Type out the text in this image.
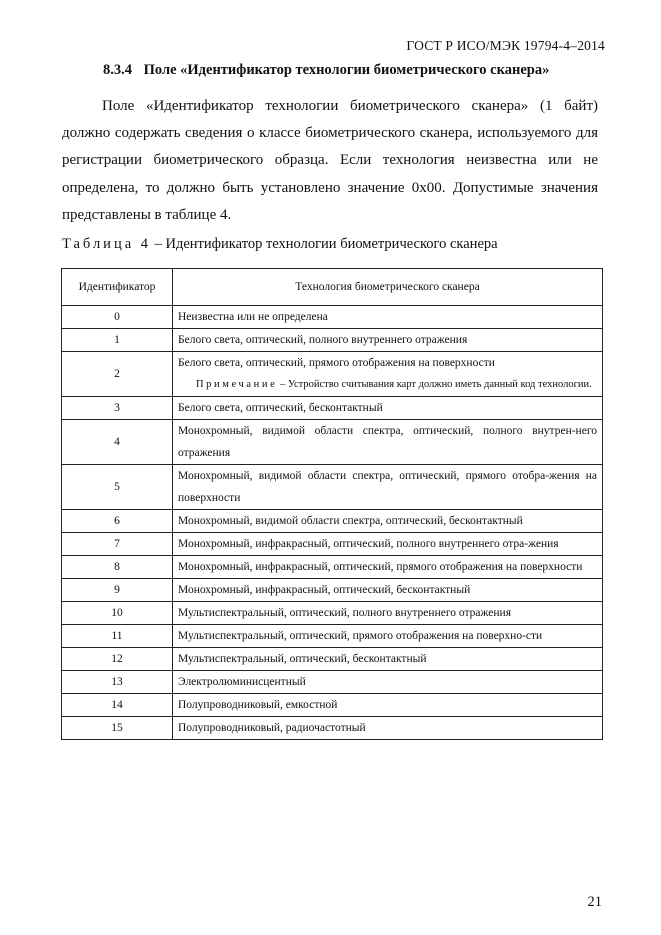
ГОСТ Р ИСО/МЭК 19794-4–2014
8.3.4 Поле «Идентификатор технологии биометрического сканера»
Поле «Идентификатор технологии биометрического сканера» (1 байт) должно содержать сведения о классе биометрического сканера, используемого для регистрации биометрического образца. Если технология неизвестна или не определена, то должно быть установлено значение 0x00. Допустимые значения представлены в таблице 4.
Таблица 4 – Идентификатор технологии биометрического сканера
Идентификатор	Технология биометрического сканера
0	Неизвестна или не определена
1	Белого света, оптический, полного внутреннего отражения
2	Белого света, оптический, прямого отображения на поверхности
Примечание – Устройство считывания карт должно иметь данный код технологии.

3	Белого света, оптический, бесконтактный
4	Монохромный, видимой области спектра, оптический, полного внутрен-него отражения
5	Монохромный, видимой области спектра, оптический, прямого отобра-жения на поверхности
6	Монохромный, видимой области спектра, оптический, бесконтактный
7	Монохромный, инфракрасный, оптический, полного внутреннего отра-жения
8	Монохромный, инфракрасный, оптический, прямого отображения на поверхности
9	Монохромный, инфракрасный, оптический, бесконтактный
10	Мультиспектральный, оптический, полного внутреннего отражения
11	Мультиспектральный, оптический, прямого отображения на поверхно-сти
12	Мультиспектральный, оптический, бесконтактный
13	Электролюминисцентный
14	Полупроводниковый, емкостной
15	Полупроводниковый, радиочастотный
21
